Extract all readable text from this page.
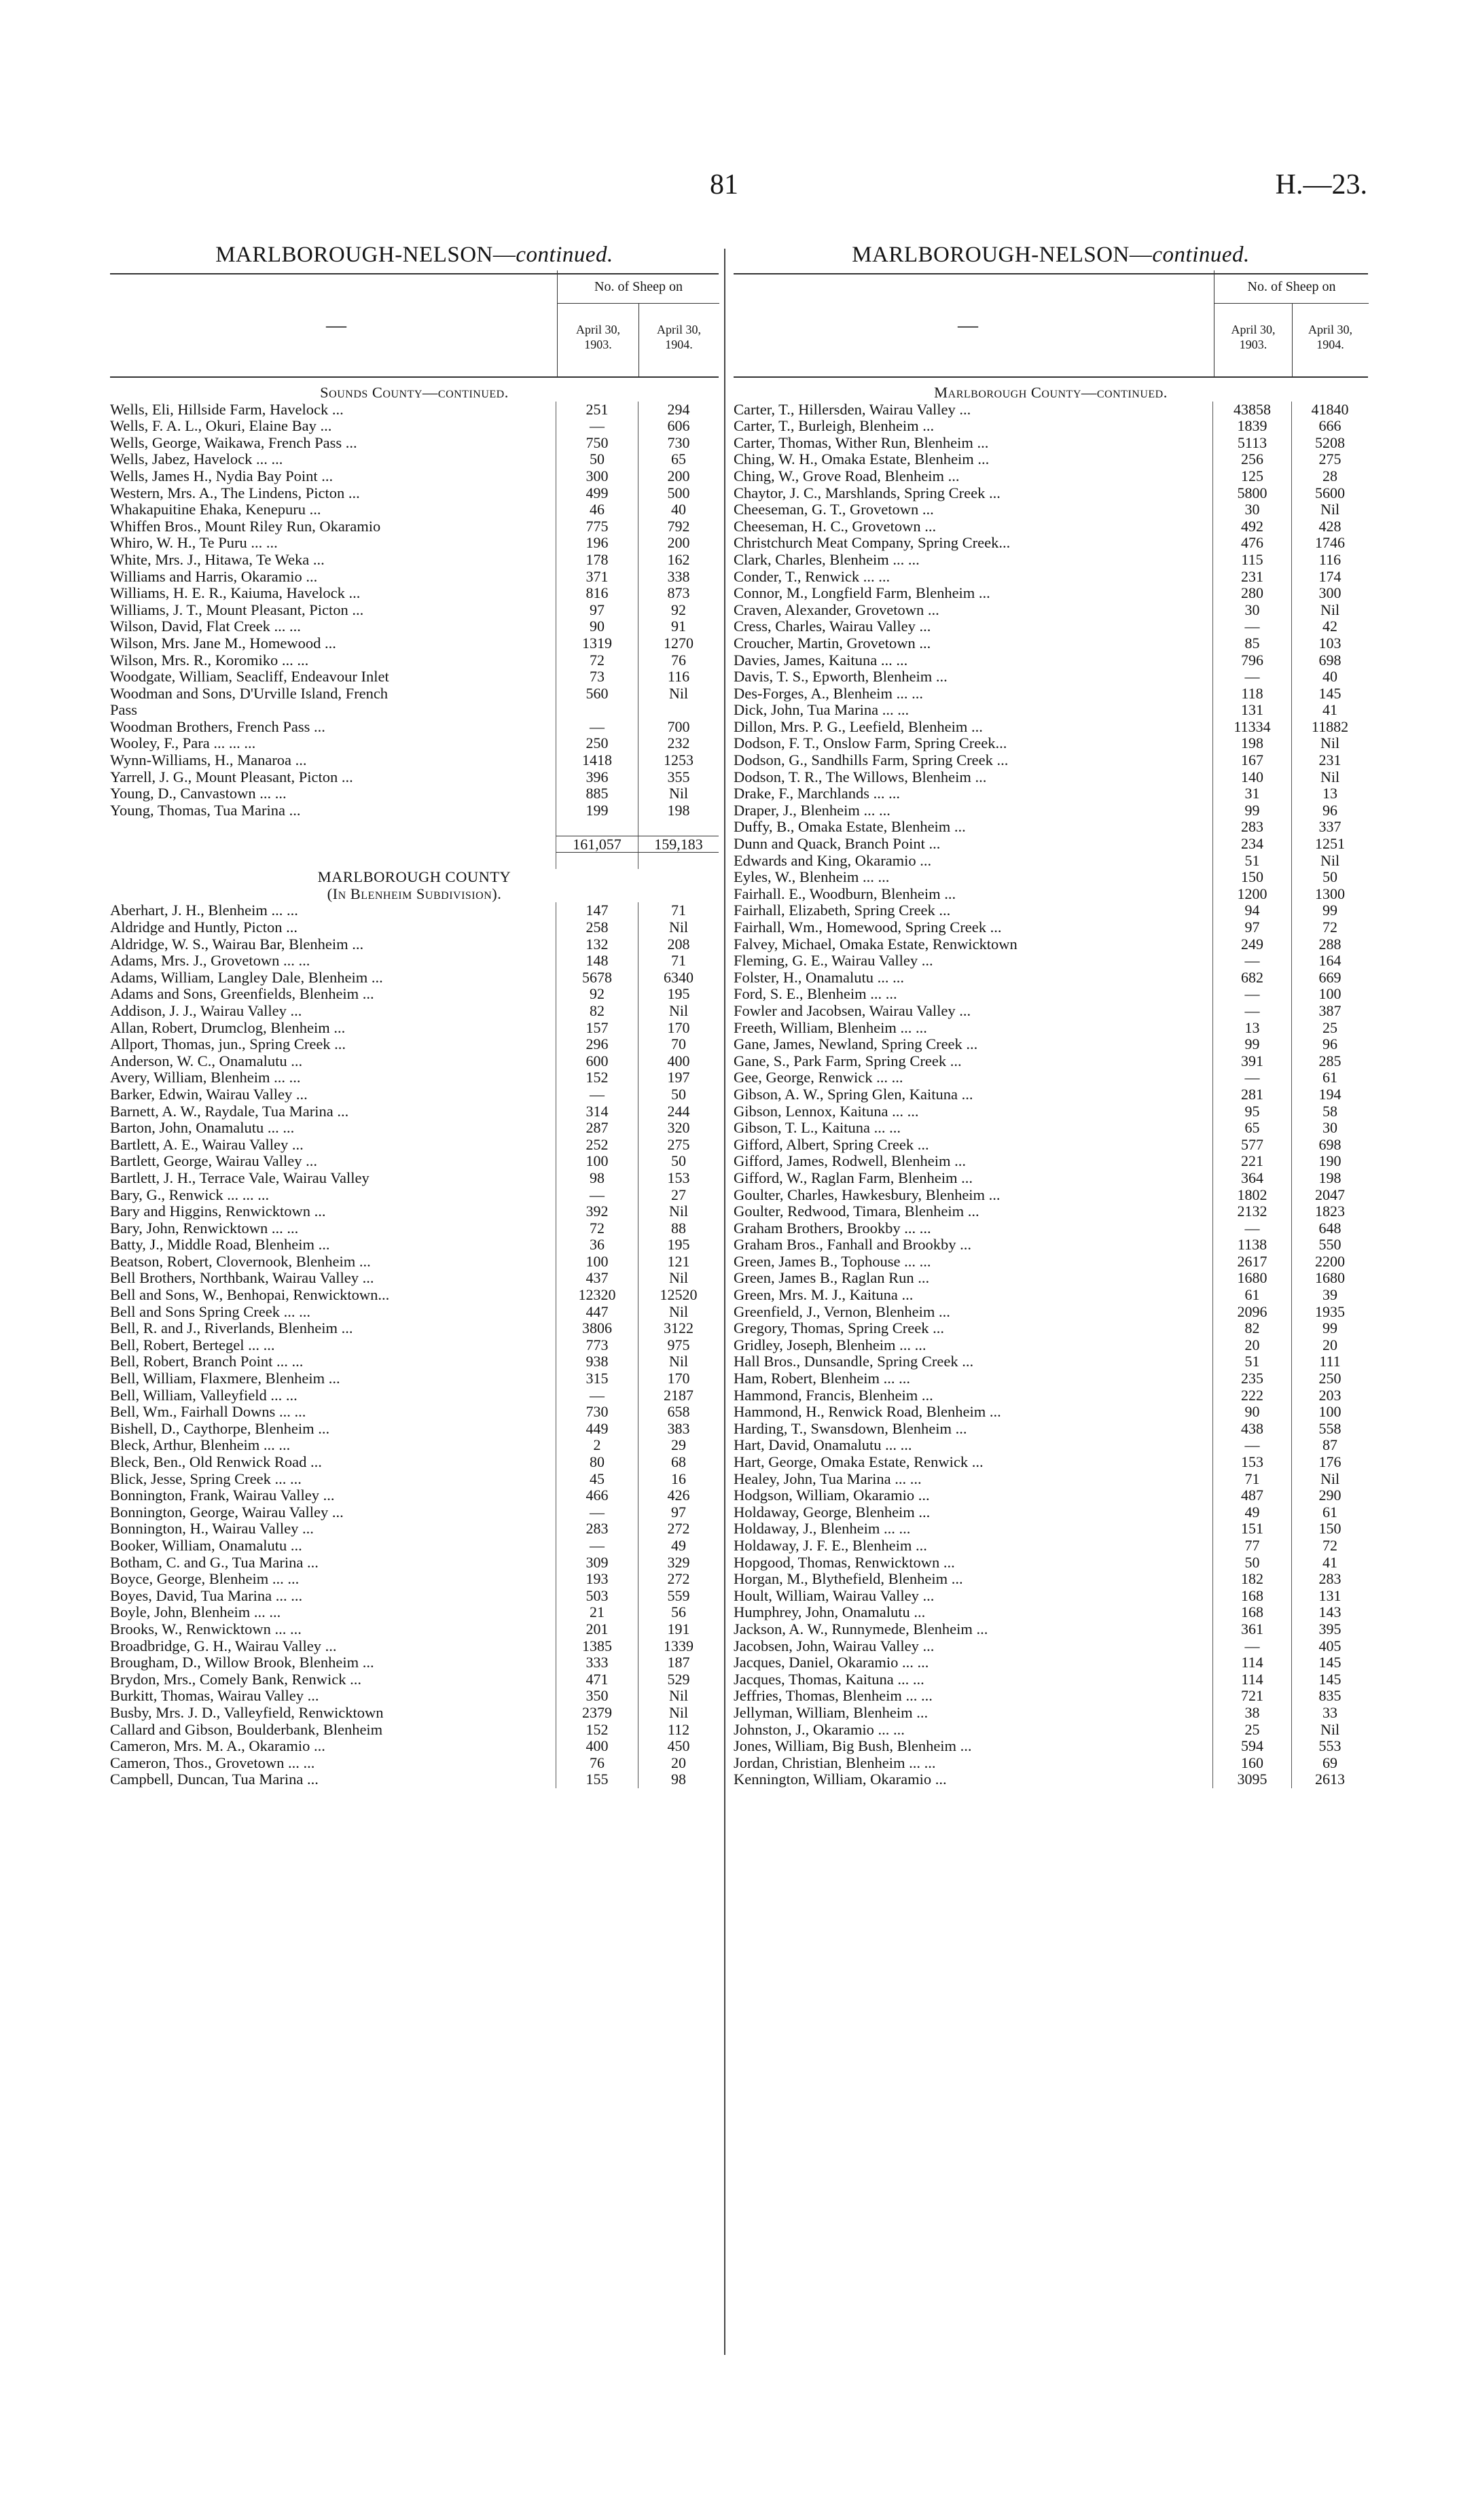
81	H.—23.
MARLBOROUGH-NELSON—continued.
—
No. of Sheep on
April 30,
1903.
April 30,
1904.
Sounds County—continued.
Wells, Eli, Hillside Farm, Havelock ...	251	294
Wells, F. A. L., Okuri, Elaine Bay ...	—	606
Wells, George, Waikawa, French Pass ...	750	730
Wells, Jabez, Havelock ... ...	50	65
Wells, James H., Nydia Bay Point ...	300	200
Western, Mrs. A., The Lindens, Picton ...	499	500
Whakapuitine Ehaka, Kenepuru ...	46	40
Whiffen Bros., Mount Riley Run, Okaramio	775	792
Whiro, W. H., Te Puru ... ...	196	200
White, Mrs. J., Hitawa, Te Weka ...	178	162
Williams and Harris, Okaramio ...	371	338
Williams, H. E. R., Kaiuma, Havelock ...	816	873
Williams, J. T., Mount Pleasant, Picton ...	97	92
Wilson, David, Flat Creek ... ...	90	91
Wilson, Mrs. Jane M., Homewood ...	1319	1270
Wilson, Mrs. R., Koromiko ... ...	72	76
Woodgate, William, Seacliff, Endeavour Inlet	73	116
Woodman and Sons, D'Urville Island, French	560	Nil
Pass
Woodman Brothers, French Pass ...	—	700
Wooley, F., Para ... ... ...	250	232
Wynn-Williams, H., Manaroa ...	1418	1253
Yarrell, J. G., Mount Pleasant, Picton ...	396	355
Young, D., Canvastown ... ...	885	Nil
Young, Thomas, Tua Marina ...	199	198
161,057	159,183
MARLBOROUGH COUNTY
(In Blenheim Subdivision).
Aberhart, J. H., Blenheim ... ...	147	71
Aldridge and Huntly, Picton ...	258	Nil
Aldridge, W. S., Wairau Bar, Blenheim ...	132	208
Adams, Mrs. J., Grovetown ... ...	148	71
Adams, William, Langley Dale, Blenheim ...	5678	6340
Adams and Sons, Greenfields, Blenheim ...	92	195
Addison, J. J., Wairau Valley ...	82	Nil
Allan, Robert, Drumclog, Blenheim ...	157	170
Allport, Thomas, jun., Spring Creek ...	296	70
Anderson, W. C., Onamalutu ...	600	400
Avery, William, Blenheim ... ...	152	197
Barker, Edwin, Wairau Valley ...	—	50
Barnett, A. W., Raydale, Tua Marina ...	314	244
Barton, John, Onamalutu ... ...	287	320
Bartlett, A. E., Wairau Valley ...	252	275
Bartlett, George, Wairau Valley ...	100	50
Bartlett, J. H., Terrace Vale, Wairau Valley	98	153
Bary, G., Renwick ... ... ...	—	27
Bary and Higgins, Renwicktown ...	392	Nil
Bary, John, Renwicktown ... ...	72	88
Batty, J., Middle Road, Blenheim ...	36	195
Beatson, Robert, Clovernook, Blenheim ...	100	121
Bell Brothers, Northbank, Wairau Valley ...	437	Nil
Bell and Sons, W., Benhopai, Renwicktown...	12320	12520
Bell and Sons Spring Creek ... ...	447	Nil
Bell, R. and J., Riverlands, Blenheim ...	3806	3122
Bell, Robert, Bertegel ... ...	773	975
Bell, Robert, Branch Point ... ...	938	Nil
Bell, William, Flaxmere, Blenheim ...	315	170
Bell, William, Valleyfield ... ...	—	2187
Bell, Wm., Fairhall Downs ... ...	730	658
Bishell, D., Caythorpe, Blenheim ...	449	383
Bleck, Arthur, Blenheim ... ...	2	29
Bleck, Ben., Old Renwick Road ...	80	68
Blick, Jesse, Spring Creek ... ...	45	16
Bonnington, Frank, Wairau Valley ...	466	426
Bonnington, George, Wairau Valley ...	—	97
Bonnington, H., Wairau Valley ...	283	272
Booker, William, Onamalutu ...	—	49
Botham, C. and G., Tua Marina ...	309	329
Boyce, George, Blenheim ... ...	193	272
Boyes, David, Tua Marina ... ...	503	559
Boyle, John, Blenheim ... ...	21	56
Brooks, W., Renwicktown ... ...	201	191
Broadbridge, G. H., Wairau Valley ...	1385	1339
Brougham, D., Willow Brook, Blenheim ...	333	187
Brydon, Mrs., Comely Bank, Renwick ...	471	529
Burkitt, Thomas, Wairau Valley ...	350	Nil
Busby, Mrs. J. D., Valleyfield, Renwicktown	2379	Nil
Callard and Gibson, Boulderbank, Blenheim	152	112
Cameron, Mrs. M. A., Okaramio ...	400	450
Cameron, Thos., Grovetown ... ...	76	20
Campbell, Duncan, Tua Marina ...	155	98
MARLBOROUGH-NELSON—continued.
—
No. of Sheep on
April 30,
1903.
April 30,
1904.
Marlborough County—continued.
Carter, T., Hillersden, Wairau Valley ...	43858	41840
Carter, T., Burleigh, Blenheim ...	1839	666
Carter, Thomas, Wither Run, Blenheim ...	5113	5208
Ching, W. H., Omaka Estate, Blenheim ...	256	275
Ching, W., Grove Road, Blenheim ...	125	28
Chaytor, J. C., Marshlands, Spring Creek ...	5800	5600
Cheeseman, G. T., Grovetown ...	30	Nil
Cheeseman, H. C., Grovetown ...	492	428
Christchurch Meat Company, Spring Creek...	476	1746
Clark, Charles, Blenheim ... ...	115	116
Conder, T., Renwick ... ...	231	174
Connor, M., Longfield Farm, Blenheim ...	280	300
Craven, Alexander, Grovetown ...	30	Nil
Cress, Charles, Wairau Valley ...	—	42
Croucher, Martin, Grovetown ...	85	103
Davies, James, Kaituna ... ...	796	698
Davis, T. S., Epworth, Blenheim ...	—	40
Des-Forges, A., Blenheim ... ...	118	145
Dick, John, Tua Marina ... ...	131	41
Dillon, Mrs. P. G., Leefield, Blenheim ...	11334	11882
Dodson, F. T., Onslow Farm, Spring Creek...	198	Nil
Dodson, G., Sandhills Farm, Spring Creek ...	167	231
Dodson, T. R., The Willows, Blenheim ...	140	Nil
Drake, F., Marchlands ... ...	31	13
Draper, J., Blenheim ... ...	99	96
Duffy, B., Omaka Estate, Blenheim ...	283	337
Dunn and Quack, Branch Point ...	234	1251
Edwards and King, Okaramio ...	51	Nil
Eyles, W., Blenheim ... ...	150	50
Fairhall. E., Woodburn, Blenheim ...	1200	1300
Fairhall, Elizabeth, Spring Creek ...	94	99
Fairhall, Wm., Homewood, Spring Creek ...	97	72
Falvey, Michael, Omaka Estate, Renwicktown	249	288
Fleming, G. E., Wairau Valley ...	—	164
Folster, H., Onamalutu ... ...	682	669
Ford, S. E., Blenheim ... ...	—	100
Fowler and Jacobsen, Wairau Valley ...	—	387
Freeth, William, Blenheim ... ...	13	25
Gane, James, Newland, Spring Creek ...	99	96
Gane, S., Park Farm, Spring Creek ...	391	285
Gee, George, Renwick ... ...	—	61
Gibson, A. W., Spring Glen, Kaituna ...	281	194
Gibson, Lennox, Kaituna ... ...	95	58
Gibson, T. L., Kaituna ... ...	65	30
Gifford, Albert, Spring Creek ...	577	698
Gifford, James, Rodwell, Blenheim ...	221	190
Gifford, W., Raglan Farm, Blenheim ...	364	198
Goulter, Charles, Hawkesbury, Blenheim ...	1802	2047
Goulter, Redwood, Timara, Blenheim ...	2132	1823
Graham Brothers, Brookby ... ...	—	648
Graham Bros., Fanhall and Brookby ...	1138	550
Green, James B., Tophouse ... ...	2617	2200
Green, James B., Raglan Run ...	1680	1680
Green, Mrs. M. J., Kaituna ...	61	39
Greenfield, J., Vernon, Blenheim ...	2096	1935
Gregory, Thomas, Spring Creek ...	82	99
Gridley, Joseph, Blenheim ... ...	20	20
Hall Bros., Dunsandle, Spring Creek ...	51	111
Ham, Robert, Blenheim ... ...	235	250
Hammond, Francis, Blenheim ...	222	203
Hammond, H., Renwick Road, Blenheim ...	90	100
Harding, T., Swansdown, Blenheim ...	438	558
Hart, David, Onamalutu ... ...	—	87
Hart, George, Omaka Estate, Renwick ...	153	176
Healey, John, Tua Marina ... ...	71	Nil
Hodgson, William, Okaramio ...	487	290
Holdaway, George, Blenheim ...	49	61
Holdaway, J., Blenheim ... ...	151	150
Holdaway, J. F. E., Blenheim ...	77	72
Hopgood, Thomas, Renwicktown ...	50	41
Horgan, M., Blythefield, Blenheim ...	182	283
Hoult, William, Wairau Valley ...	168	131
Humphrey, John, Onamalutu ...	168	143
Jackson, A. W., Runnymede, Blenheim ...	361	395
Jacobsen, John, Wairau Valley ...	—	405
Jacques, Daniel, Okaramio ... ...	114	145
Jacques, Thomas, Kaituna ... ...	114	145
Jeffries, Thomas, Blenheim ... ...	721	835
Jellyman, William, Blenheim ...	38	33
Johnston, J., Okaramio ... ...	25	Nil
Jones, William, Big Bush, Blenheim ...	594	553
Jordan, Christian, Blenheim ... ...	160	69
Kennington, William, Okaramio ...	3095	2613
